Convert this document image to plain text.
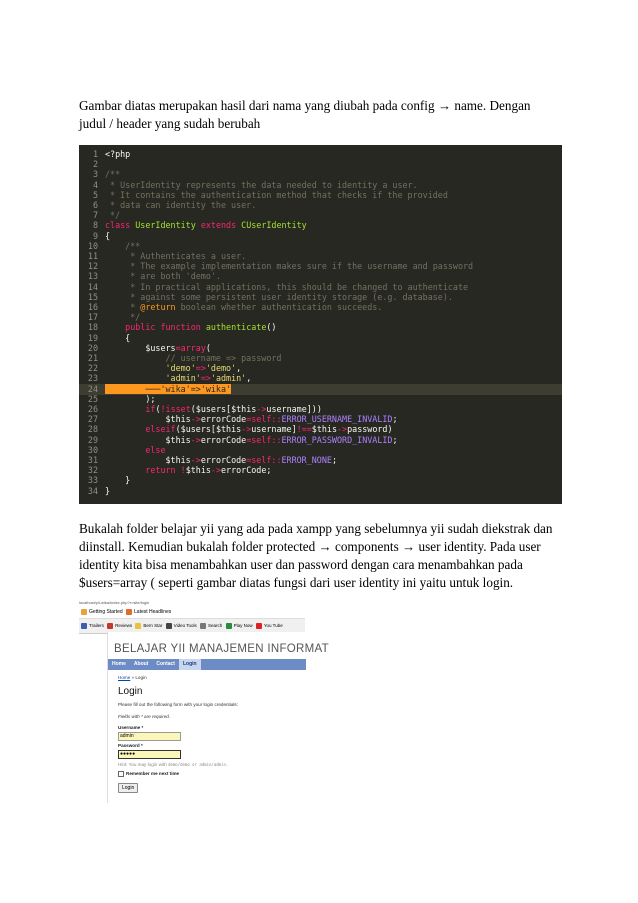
Gambar diatas merupakan hasil dari nama yang diubah pada config → name. Dengan judul / header yang sudah berubah
1 <?php
2
3 /**
4 * UserIdentity represents the data needed to identity a user.
5 * It contains the authentication method that checks if the provided
6 * data can identity the user.
7 */
8 class UserIdentity extends CUserIdentity
9 {
10    /**
11     * Authenticates a user.
12     * The example implementation makes sure if the username and password
13     * are both 'demo'.
14     * In practical applications, this should be changed to authenticate
15     * against some persistent user identity storage (e.g. database).
16     * @return boolean whether authentication succeeds.
17     */
18	public function authenticate()
19    {
20        $users=array(
21            // username => password
22	'demo'=>'demo',
23	'admin'=>'admin',
24        ───'wika'=>'wika'
25        );
26	if(!isset($users[$this->username]))
27            $this->errorCode=self::ERROR_USERNAME_INVALID;
28	elseif($users[$this->username]!==$this->password)
29            $this->errorCode=self::ERROR_PASSWORD_INVALID;
30	else
31            $this->errorCode=self::ERROR_NONE;
32	return !$this->errorCode;
33    }
34 }
Bukalah folder belajar yii yang ada pada xampp yang sebelumnya yii sudah diekstrak dan diinstall. Kemudian bukalah folder protected → components → user identity. Pada user identity kita bisa menambahkan user dan password dengan cara menambahkan pada $users=array ( seperti gambar diatas fungsi dari user identity ini yaitu untuk login.
localhost/yii-wika/index.php?r=site/login
Getting Started Latest Headlines
Trailers	Reviews	Bern Star	Video Tools	Search	Play Now	You Tube
BELAJAR YII MANAJEMEN INFORMAT
Home About Contact Login
Home » Login
Login
Please fill out the following form with your login credentials:
Fields with * are required.
Username *
admin
Password *
●●●●●
Hint: You may login with demo/demo or admin/admin.
Remember me next time
Login
